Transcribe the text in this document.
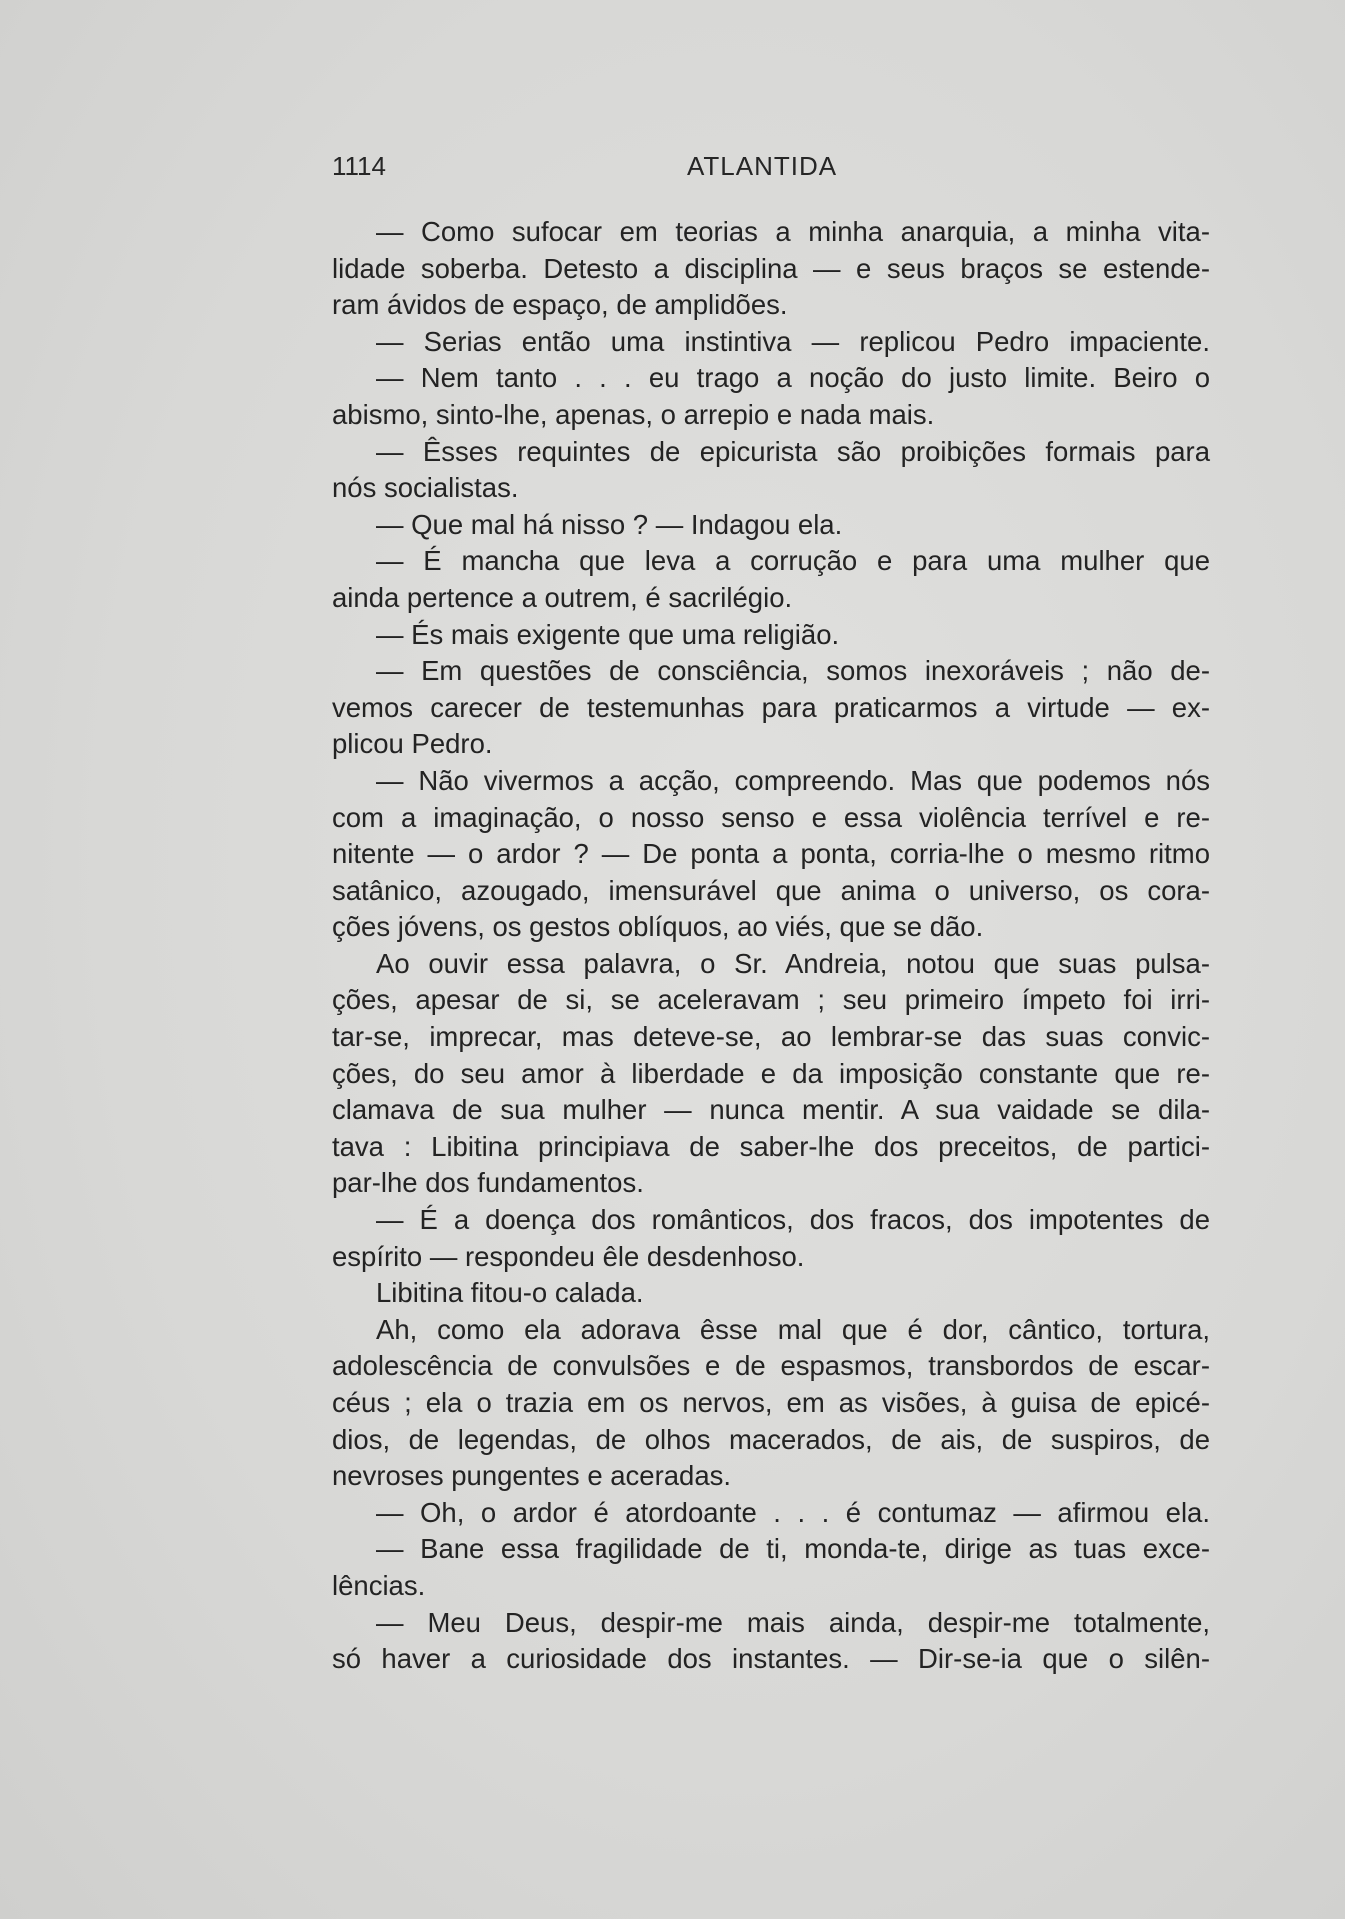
1114	ATLANTIDA
— Como sufocar em teorias a minha anarquia, a minha vita-
lidade soberba. Detesto a disciplina — e seus braços se estende-
ram ávidos de espaço, de amplidões.
— Serias então uma instintiva — replicou Pedro impaciente.
— Nem tanto . . . eu trago a noção do justo limite. Beiro o
abismo, sinto-lhe, apenas, o arrepio e nada mais.
— Êsses requintes de epicurista são proibições formais para
nós socialistas.
— Que mal há nisso ? — Indagou ela.
— É mancha que leva a corrução e para uma mulher que
ainda pertence a outrem, é sacrilégio.
— És mais exigente que uma religião.
— Em questões de consciência, somos inexoráveis ; não de-
vemos carecer de testemunhas para praticarmos a virtude — ex-
plicou Pedro.
— Não vivermos a acção, compreendo. Mas que podemos nós
com a imaginação, o nosso senso e essa violência terrível e re-
nitente — o ardor ? — De ponta a ponta, corria-lhe o mesmo ritmo
satânico, azougado, imensurável que anima o universo, os cora-
ções jóvens, os gestos oblíquos, ao viés, que se dão.
Ao ouvir essa palavra, o Sr. Andreia, notou que suas pulsa-
ções, apesar de si, se aceleravam ; seu primeiro ímpeto foi irri-
tar-se, imprecar, mas deteve-se, ao lembrar-se das suas convic-
ções, do seu amor à liberdade e da imposição constante que re-
clamava de sua mulher — nunca mentir. A sua vaidade se dila-
tava : Libitina principiava de saber-lhe dos preceitos, de partici-
par-lhe dos fundamentos.
— É a doença dos românticos, dos fracos, dos impotentes de
espírito — respondeu êle desdenhoso.
Libitina fitou-o calada.
Ah, como ela adorava êsse mal que é dor, cântico, tortura,
adolescência de convulsões e de espasmos, transbordos de escar-
céus ; ela o trazia em os nervos, em as visões, à guisa de epicé-
dios, de legendas, de olhos macerados, de ais, de suspiros, de
nevroses pungentes e aceradas.
— Oh, o ardor é atordoante . . . é contumaz — afirmou ela.
— Bane essa fragilidade de ti, monda-te, dirige as tuas exce-
lências.
— Meu Deus, despir-me mais ainda, despir-me totalmente,
só haver a curiosidade dos instantes. — Dir-se-ia que o silên-
